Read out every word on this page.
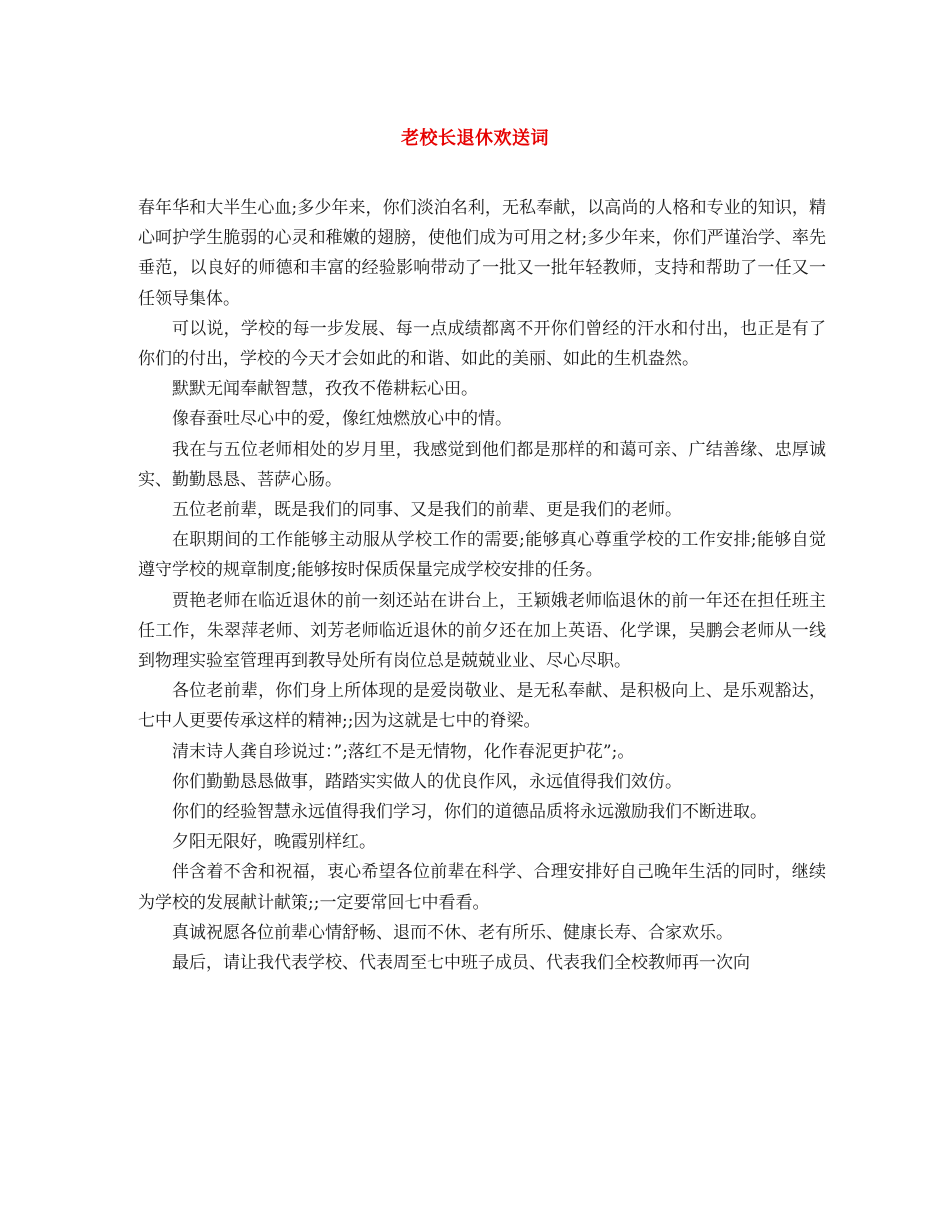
老校长退休欢送词

春年华和大半生心血;多少年来，你们淡泊名利，无私奉献，以高尚的人格和专业的知识，精心呵护学生脆弱的心灵和稚嫩的翅膀，使他们成为可用之材;多少年来，你们严谨治学、率先垂范，以良好的师德和丰富的经验影响带动了一批又一批年轻教师，支持和帮助了一任又一任领导集体。

可以说，学校的每一步发展、每一点成绩都离不开你们曾经的汗水和付出，也正是有了你们的付出，学校的今天才会如此的和谐、如此的美丽、如此的生机盎然。

默默无闻奉献智慧，孜孜不倦耕耘心田。

像春蚕吐尽心中的爱，像红烛燃放心中的情。

我在与五位老师相处的岁月里，我感觉到他们都是那样的和蔼可亲、广结善缘、忠厚诚实、勤勤恳恳、菩萨心肠。

五位老前辈，既是我们的同事、又是我们的前辈、更是我们的老师。

在职期间的工作能够主动服从学校工作的需要;能够真心尊重学校的工作安排;能够自觉遵守学校的规章制度;能够按时保质保量完成学校安排的任务。

贾艳老师在临近退休的前一刻还站在讲台上，王颖娥老师临退休的前一年还在担任班主任工作，朱翠萍老师、刘芳老师临近退休的前夕还在加上英语、化学课，吴鹏会老师从一线到物理实验室管理再到教导处所有岗位总是兢兢业业、尽心尽职。

各位老前辈，你们身上所体现的是爱岗敬业、是无私奉献、是积极向上、是乐观豁达，七中人更要传承这样的精神;;因为这就是七中的脊梁。

清末诗人龚自珍说过：”;落红不是无情物，化作春泥更护花”;。

你们勤勤恳恳做事，踏踏实实做人的优良作风，永远值得我们效仿。

你们的经验智慧永远值得我们学习，你们的道德品质将永远激励我们不断进取。

夕阳无限好，晚霞别样红。

伴含着不舍和祝福，衷心希望各位前辈在科学、合理安排好自己晚年生活的同时，继续为学校的发展献计献策;;一定要常回七中看看。

真诚祝愿各位前辈心情舒畅、退而不休、老有所乐、健康长寿、合家欢乐。

最后，请让我代表学校、代表周至七中班子成员、代表我们全校教师再一次向
